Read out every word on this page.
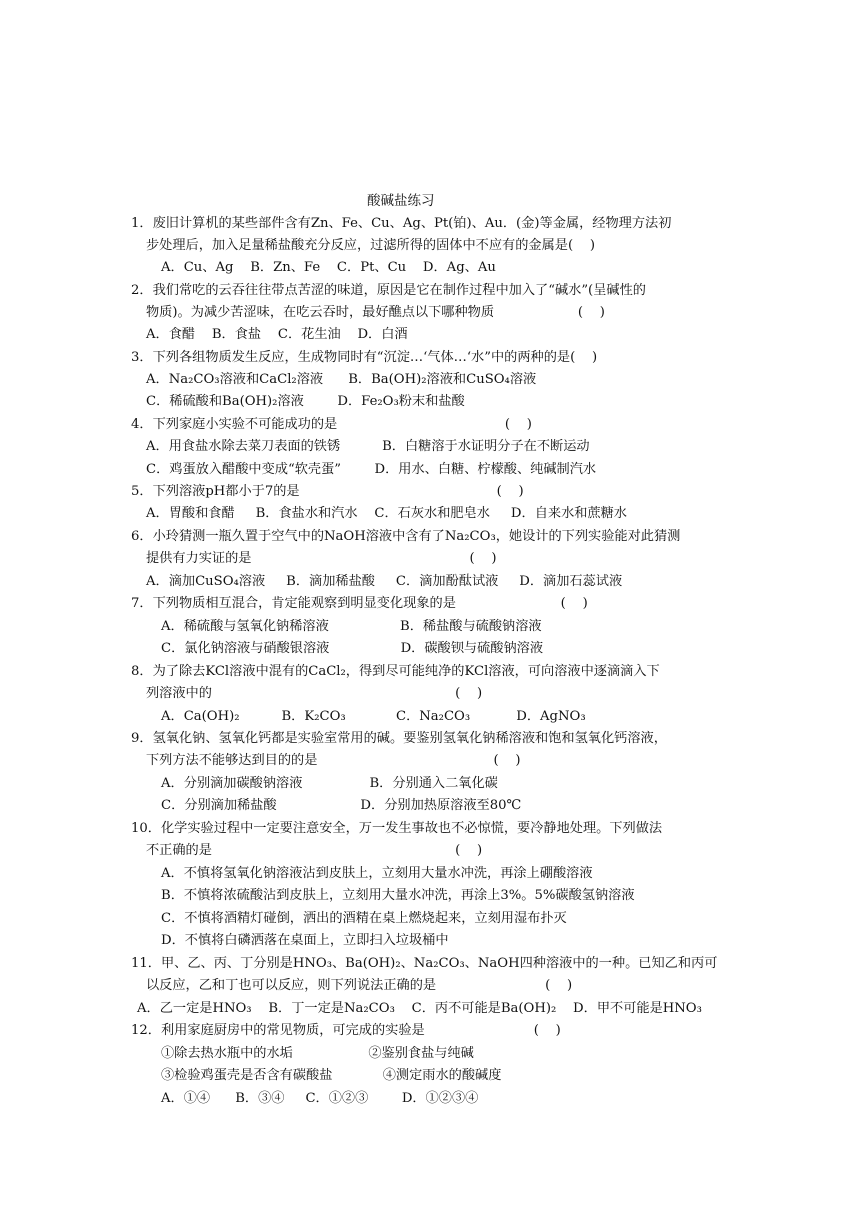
酸碱盐练习
1．废旧计算机的某些部件含有Zn、Fe、Cu、Ag、Pt(铂)、Au．(金)等金属，经物理方法初
步处理后，加入足量稀盐酸充分反应，过滤所得的固体中不应有的金属是(    )
A．Cu、Ag    B．Zn、Fe    C．Pt、Cu    D．Ag、Au
2．我们常吃的云吞往往带点苦涩的味道，原因是它在制作过程中加入了“碱水”(呈碱性的
物质)。为减少苦涩味，在吃云吞时，最好醮点以下哪种物质                    (    )
A．食醋    B．食盐    C．花生油    D．白酒
3．下列各组物质发生反应，生成物同时有“沉淀…‘气体…‘水”中的两种的是(    )
A．Na₂CO₃溶液和CaCl₂溶液      B．Ba(OH)₂溶液和CuSO₄溶液
C．稀硫酸和Ba(OH)₂溶液        D．Fe₂O₃粉末和盐酸
4．下列家庭小实验不可能成功的是                                        (    )
A．用食盐水除去菜刀表面的铁锈          B．白糖溶于水证明分子在不断运动
C．鸡蛋放入醋酸中变成“软壳蛋”        D．用水、白糖、柠檬酸、纯碱制汽水
5．下列溶液pH都小于7的是                                               (    )
A．胃酸和食醋     B．食盐水和汽水    C．石灰水和肥皂水     D．自来水和蔗糖水
6．小玲猜测一瓶久置于空气中的NaOH溶液中含有了Na₂CO₃，她设计的下列实验能对此猜测
提供有力实证的是                                                    (    )
A．滴加CuSO₄溶液     B．滴加稀盐酸     C．滴加酚酞试液     D．滴加石蕊试液
7．下列物质相互混合，肯定能观察到明显变化现象的是                         (    )
A．稀硫酸与氢氧化钠稀溶液                 B．稀盐酸与硫酸钠溶液
C．氯化钠溶液与硝酸银溶液                 D．碳酸钡与硫酸钠溶液
8．为了除去KCl溶液中混有的CaCl₂，得到尽可能纯净的KCl溶液，可向溶液中逐滴滴入下
列溶液中的                                                          (    )
A．Ca(OH)₂          B．K₂CO₃            C．Na₂CO₃           D．AgNO₃
9．氢氧化钠、氢氧化钙都是实验室常用的碱。要鉴别氢氧化钠稀溶液和饱和氢氧化钙溶液，
下列方法不能够达到目的的是                                          (    )
A．分别滴加碳酸钠溶液                B．分别通入二氧化碳
C．分别滴加稀盐酸                    D．分别加热原溶液至80℃
10．化学实验过程中一定要注意安全，万一发生事故也不必惊慌，要冷静地处理。下列做法
不正确的是                                                          (    )
A．不慎将氢氧化钠溶液沾到皮肤上，立刻用大量水冲洗，再涂上硼酸溶液
B．不慎将浓硫酸沾到皮肤上，立刻用大量水冲洗，再涂上3%。5%碳酸氢钠溶液
C．不慎将酒精灯碰倒，洒出的酒精在桌上燃烧起来，立刻用湿布扑灭
D．不慎将白磷洒落在桌面上，立即扫入垃圾桶中
11．甲、乙、丙、丁分别是HNO₃、Ba(OH)₂、Na₂CO₃、NaOH四种溶液中的一种。已知乙和丙可
以反应，乙和丁也可以反应，则下列说法正确的是                          (    )
A．乙一定是HNO₃    B．丁一定是Na₂CO₃    C．丙不可能是Ba(OH)₂    D．甲不可能是HNO₃
12．利用家庭厨房中的常见物质，可完成的实验是                          (    )
①除去热水瓶中的水垢                  ②鉴别食盐与纯碱
③检验鸡蛋壳是否含有碳酸盐            ④测定雨水的酸碱度
A．①④      B．③④     C．①②③        D．①②③④
